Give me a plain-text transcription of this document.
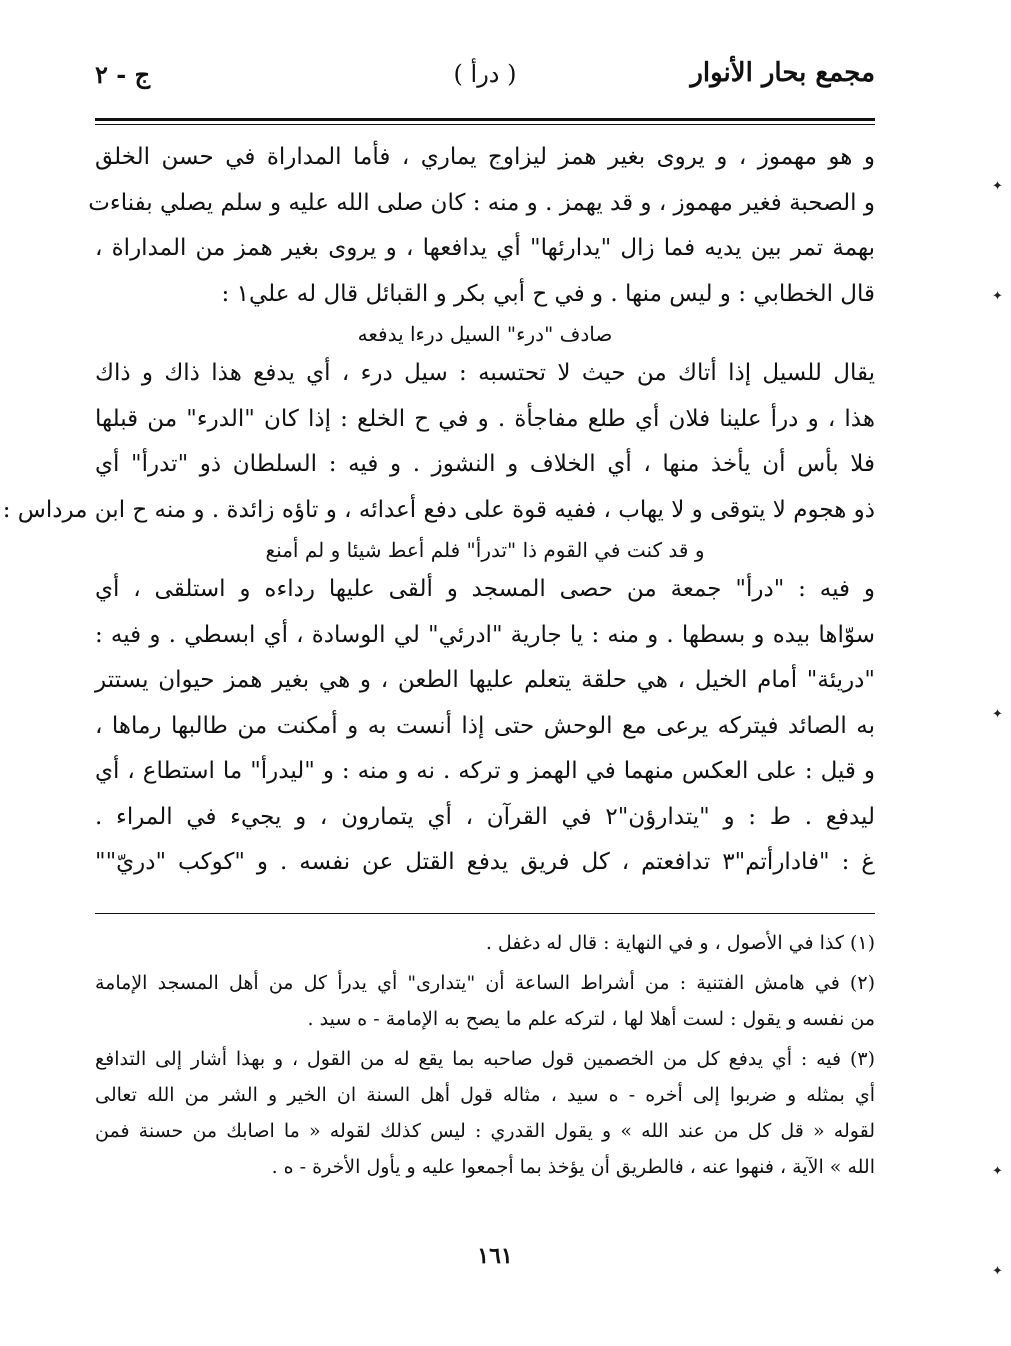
مجمع بحار الأنوار
( درأ )
ج - ٢
و هو مهموز ، و يروى بغير همز ليزاوج يماري ، فأما المداراة في حسن الخلق
و الصحبة فغير مهموز ، و قد يهمز . و منه : كان صلى الله عليه و سلم يصلي بفناءت
بهمة تمر بين يديه فما زال "يدارئها" أي يدافعها ، و يروى بغير همز من المداراة ،
قال الخطابي : و ليس منها . و في ح أبي بكر و القبائل قال له علي١ :
صادف "درء" السيل درءا يدفعه
يقال للسيل إذا أتاك من حيث لا تحتسبه : سيل درء ، أي يدفع هذا ذاك و ذاك
هذا ، و درأ علينا فلان أي طلع مفاجأة . و في ح الخلع : إذا كان "الدرء" من قبلها
فلا بأس أن يأخذ منها ، أي الخلاف و النشوز . و فيه : السلطان ذو "تدرأ" أي
ذو هجوم لا يتوقى و لا يهاب ، ففيه قوة على دفع أعدائه ، و تاؤه زائدة . و منه ح ابن مرداس :
و قد كنت في القوم ذا "تدرأ" فلم أعط شيئا و لم أمنع
و فيه : "درأ" جمعة من حصى المسجد و ألقى عليها رداءه و استلقى ، أي
سوّاها بيده و بسطها . و منه : يا جارية "ادرئي" لي الوسادة ، أي ابسطي . و فيه :
"دريئة" أمام الخيل ، هي حلقة يتعلم عليها الطعن ، و هي بغير همز حيوان يستتر
به الصائد فيتركه يرعى مع الوحش حتى إذا أنست به و أمكنت من طالبها رماها ،
و قيل : على العكس منهما في الهمز و تركه . نه و منه : و "ليدرأ" ما استطاع ، أي
ليدفع . ط : و "يتدارؤن"٢ في القرآن ، أي يتمارون ، و يجيء في المراء .
غ : "فادارأتم"٣ تدافعتم ، كل فريق يدفع القتل عن نفسه . و "كوكب "دريّ""
(١) كذا في الأصول ، و في النهاية : قال له دغفل .
(٢) في هامش الفتنية : من أشراط الساعة أن "يتدارى" أي يدرأ كل من أهل المسجد الإمامة
من نفسه و يقول : لست أهلا لها ، لتركه علم ما يصح به الإمامة - ه سيد .
(٣) فيه : أي يدفع كل من الخصمين قول صاحبه بما يقع له من القول ، و بهذا أشار إلى التدافع
أي بمثله و ضربوا إلى أخره - ه سيد ، مثاله قول أهل السنة ان الخير و الشر من الله تعالى
لقوله « قل كل من عند الله » و يقول القدري : ليس كذلك لقوله « ما اصابك من حسنة فمن
الله » الآية ، فنهوا عنه ، فالطريق أن يؤخذ بما أجمعوا عليه و يأول الأخرة - ه .
١٦١
✦
✦
✦
✦
✦
